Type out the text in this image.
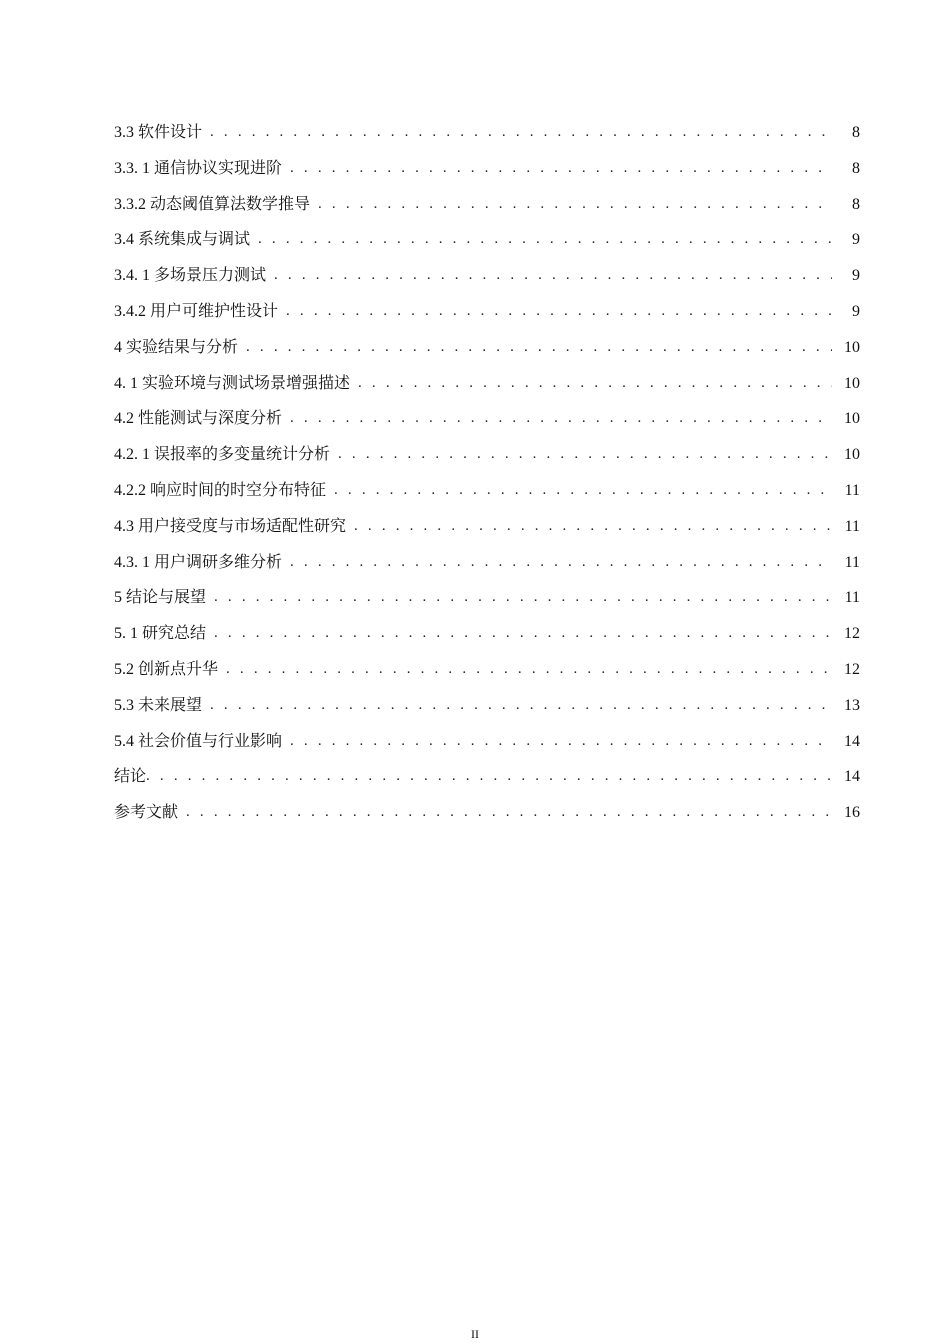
3.3 软件设计 . . .	8
3.3. 1 通信协议实现进阶 . . .	8
3.3.2 动态阈值算法数学推导 . . .	8
3.4 系统集成与调试 . . .	9
3.4. 1 多场景压力测试 . . .	9
3.4.2 用户可维护性设计 . . .	9
4 实验结果与分析 . . .	10
4. 1 实验环境与测试场景增强描述 . . .	10
4.2 性能测试与深度分析 . . .	10
4.2. 1 误报率的多变量统计分析 . . .	10
4.2.2 响应时间的时空分布特征 . . .	11
4.3 用户接受度与市场适配性研究 . . .	11
4.3. 1 用户调研多维分析 . . .	11
5 结论与展望 . . .	11
5. 1 研究总结 . . .	12
5.2 创新点升华 . . .	12
5.3 未来展望 . . .	13
5.4 社会价值与行业影响 . . .	14
结论 . . .	14
参考文献 . . .	16
II
